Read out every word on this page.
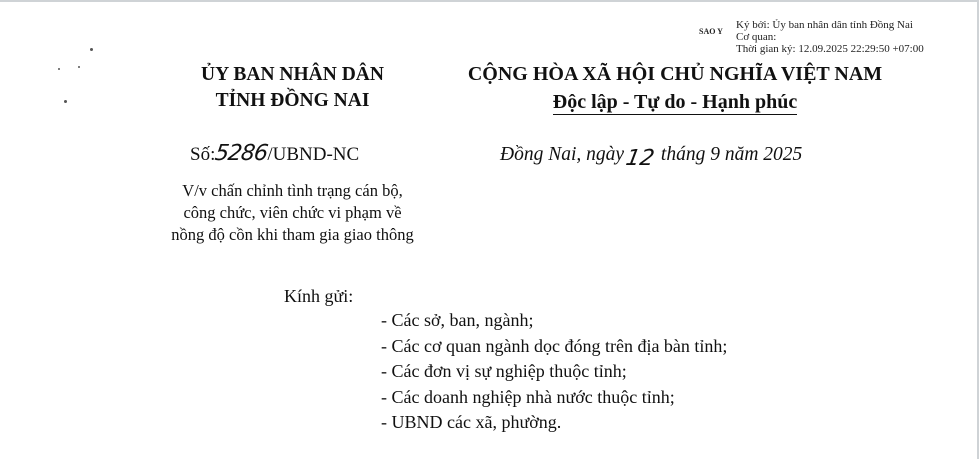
SAO Y
Ký bởi: Ủy ban nhân dân tỉnh Đồng Nai
Cơ quan:
Thời gian ký: 12.09.2025 22:29:50 +07:00
ỦY BAN NHÂN DÂN
TỈNH ĐỒNG NAI
CỘNG HÒA XÃ HỘI CHỦ NGHĨA VIỆT NAM
Độc lập - Tự do - Hạnh phúc
Số:5286/UBND-NC	Đồng Nai, ngày12 tháng 9 năm 2025
V/v chấn chỉnh tình trạng cán bộ,
công chức, viên chức vi phạm về
nồng độ cồn khi tham gia giao thông
Kính gửi:
- Các sở, ban, ngành;
- Các cơ quan ngành dọc đóng trên địa bàn tỉnh;
- Các đơn vị sự nghiệp thuộc tỉnh;
- Các doanh nghiệp nhà nước thuộc tỉnh;
- UBND các xã, phường.
